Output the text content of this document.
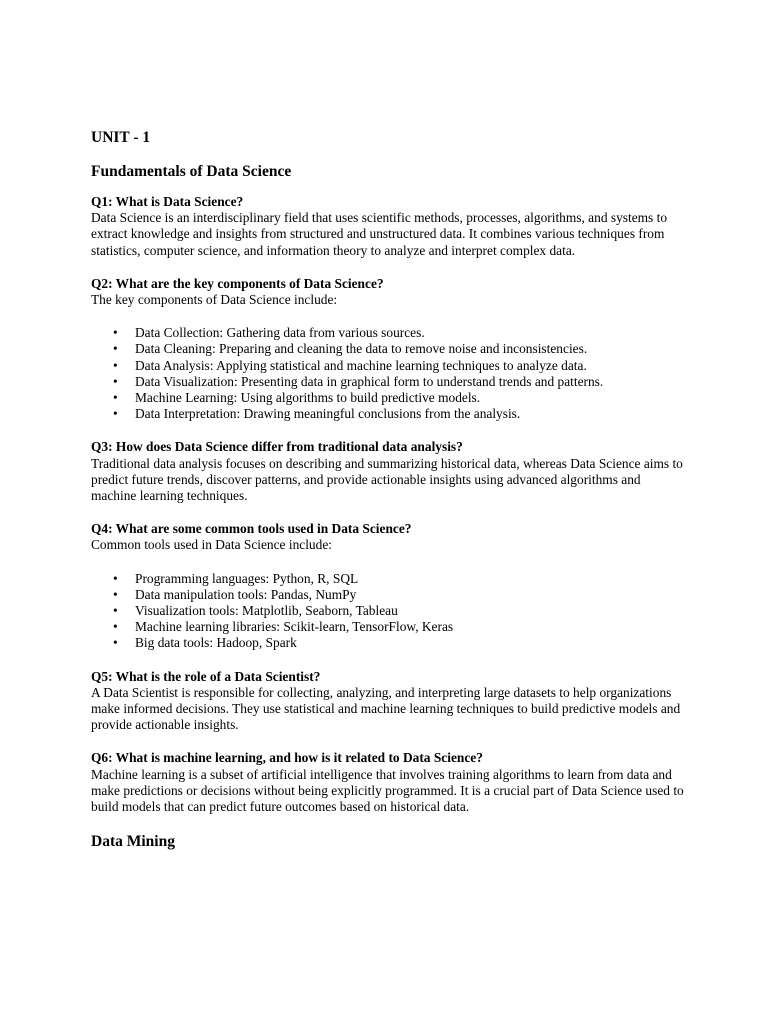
UNIT - 1
Fundamentals of Data Science
Q1: What is Data Science?
Data Science is an interdisciplinary field that uses scientific methods, processes, algorithms, and systems to extract knowledge and insights from structured and unstructured data. It combines various techniques from statistics, computer science, and information theory to analyze and interpret complex data.
Q2: What are the key components of Data Science?
The key components of Data Science include:
• Data Collection: Gathering data from various sources.
• Data Cleaning: Preparing and cleaning the data to remove noise and inconsistencies.
• Data Analysis: Applying statistical and machine learning techniques to analyze data.
• Data Visualization: Presenting data in graphical form to understand trends and patterns.
• Machine Learning: Using algorithms to build predictive models.
• Data Interpretation: Drawing meaningful conclusions from the analysis.
Q3: How does Data Science differ from traditional data analysis?
Traditional data analysis focuses on describing and summarizing historical data, whereas Data Science aims to predict future trends, discover patterns, and provide actionable insights using advanced algorithms and machine learning techniques.
Q4: What are some common tools used in Data Science?
Common tools used in Data Science include:
• Programming languages: Python, R, SQL
• Data manipulation tools: Pandas, NumPy
• Visualization tools: Matplotlib, Seaborn, Tableau
• Machine learning libraries: Scikit-learn, TensorFlow, Keras
• Big data tools: Hadoop, Spark
Q5: What is the role of a Data Scientist?
A Data Scientist is responsible for collecting, analyzing, and interpreting large datasets to help organizations make informed decisions. They use statistical and machine learning techniques to build predictive models and provide actionable insights.
Q6: What is machine learning, and how is it related to Data Science?
Machine learning is a subset of artificial intelligence that involves training algorithms to learn from data and make predictions or decisions without being explicitly programmed. It is a crucial part of Data Science used to build models that can predict future outcomes based on historical data.
Data Mining
